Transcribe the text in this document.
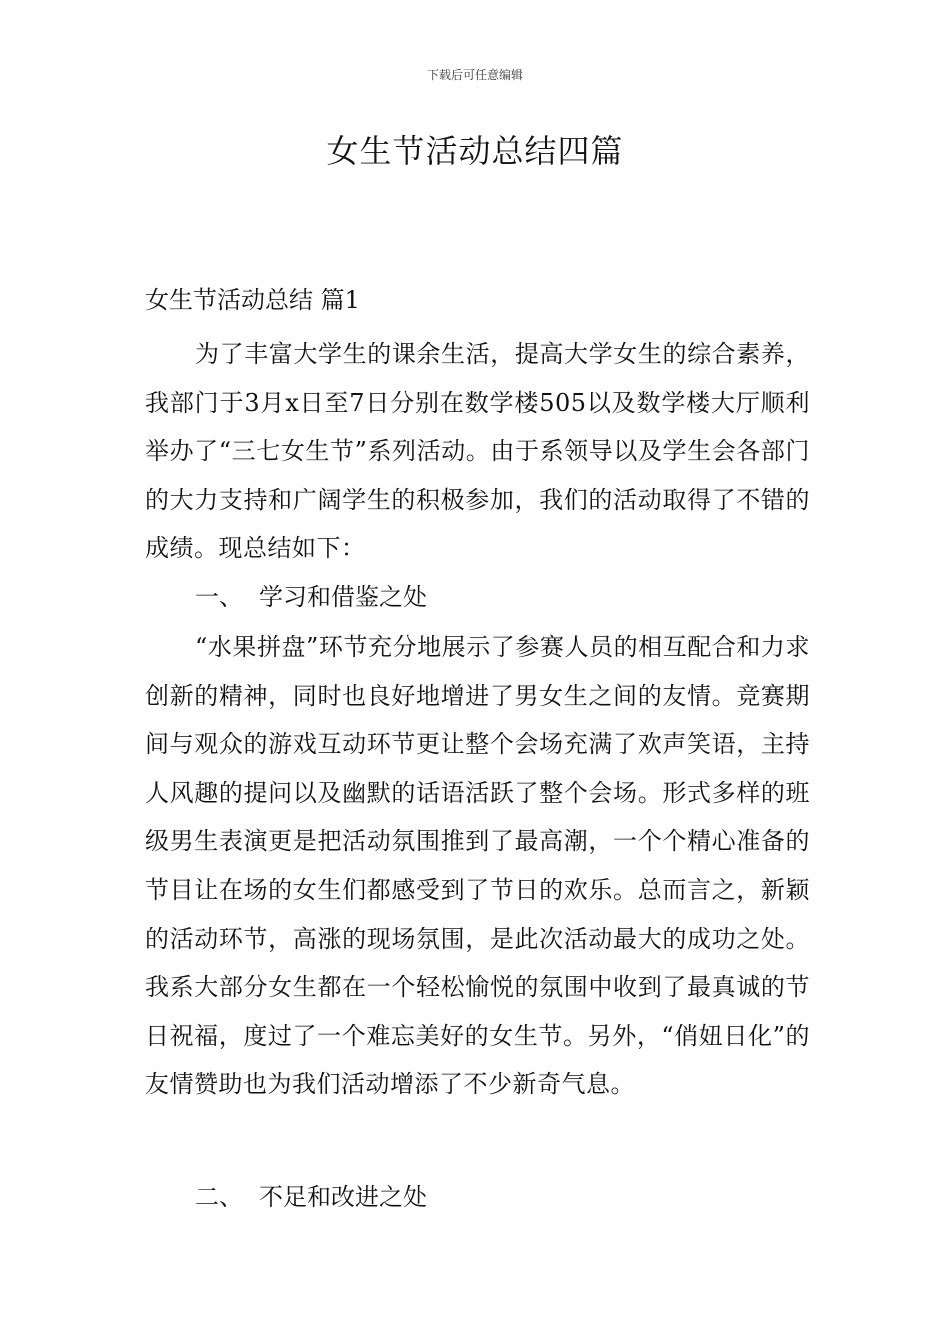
下载后可任意编辑
女生节活动总结四篇
女生节活动总结 篇1

为了丰富大学生的课余生活，提高大学女生的综合素养，我部门于3月x日至7日分别在数学楼505以及数学楼大厅顺利举办了“三七女生节”系列活动。由于系领导以及学生会各部门的大力支持和广阔学生的积极参加，我们的活动取得了不错的成绩。现总结如下：

一、 学习和借鉴之处

“水果拼盘”环节充分地展示了参赛人员的相互配合和力求创新的精神，同时也良好地增进了男女生之间的友情。竞赛期间与观众的游戏互动环节更让整个会场充满了欢声笑语，主持人风趣的提问以及幽默的话语活跃了整个会场。形式多样的班级男生表演更是把活动氛围推到了最高潮，一个个精心准备的节目让在场的女生们都感受到了节日的欢乐。总而言之，新颖的活动环节，高涨的现场氛围，是此次活动最大的成功之处。我系大部分女生都在一个轻松愉悦的氛围中收到了最真诚的节日祝福，度过了一个难忘美好的女生节。另外，“俏妞日化”的友情赞助也为我们活动增添了不少新奇气息。

二、 不足和改进之处
